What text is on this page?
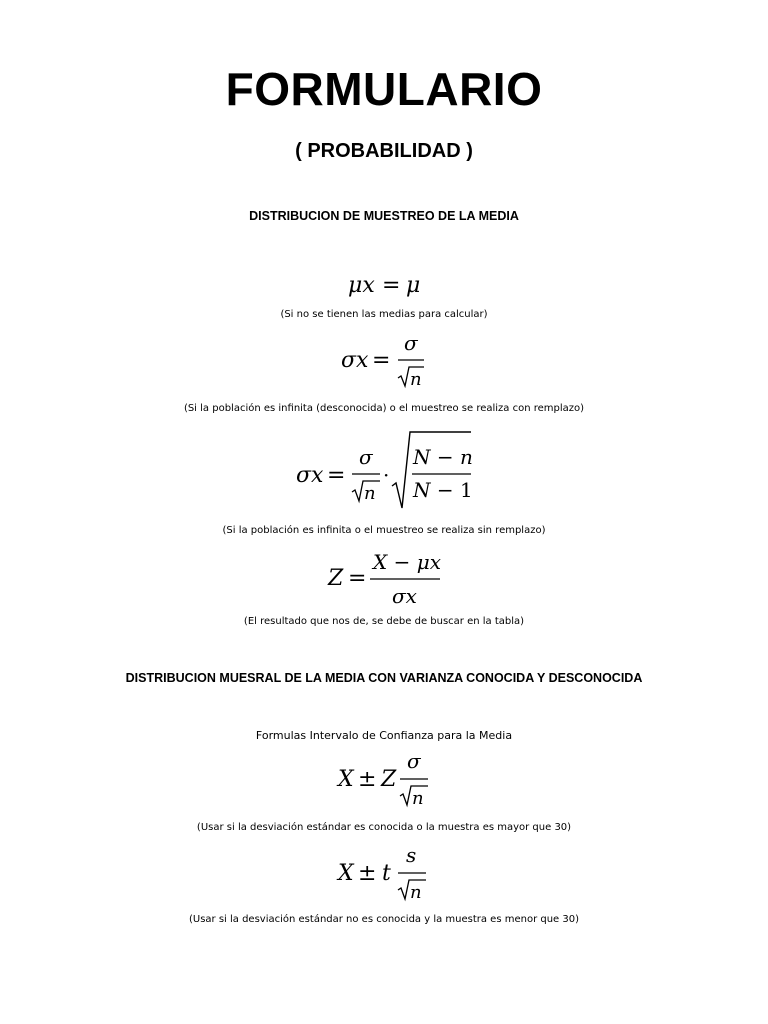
FORMULARIO
( PROBABILIDAD )
DISTRIBUCION DE MUESTREO DE LA MEDIA
μx = μ
(Si no se tienen las medias para calcular)
σx =
σ
n
(Si la población es infinita (desconocida) o el muestreo se realiza con remplazo)
σx =
σ
n
·
N − n
N − 1
(Si la población es infinita o el muestreo se realiza sin remplazo)
Z =
X − μx
σx
(El resultado que nos de, se debe de buscar en la tabla)
DISTRIBUCION MUESRAL DE LA MEDIA CON VARIANZA CONOCIDA Y DESCONOCIDA
Formulas Intervalo de Confianza para la Media
X ± Z
σ
n
(Usar si la desviación estándar es conocida o la muestra es mayor que 30)
X ± t
s
n
(Usar si la desviación estándar no es conocida y la muestra es menor que 30)
